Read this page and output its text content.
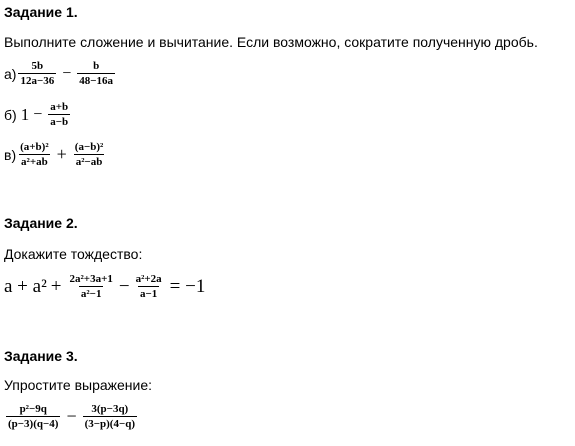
Задание 1.
Выполните сложение и вычитание. Если возможно, сократите полученную дробь.
$а) \frac{5b}{12a-36} - \frac{b}{48-16a}$
б) $1 - \frac{a+b}{a-b}$
$в) \frac{\text{(a+b)²}}{\text{a²+ab}} + \frac{\text{(a−b)²}}{\text{a²−ab}}$
Задание 2.
Докажите тождество:
$a + a^2 + \frac{\text{2a²+3a+1}}{\text{a²−1}} - \frac{\text{a²+2a}}{a-1} = -1$
Задание 3.
Упростите выражение:
$\frac{\text{p²−9q}}{(p-3)(q-4)} - \frac{3(p-3q)}{(3-p)(4-q)}$
